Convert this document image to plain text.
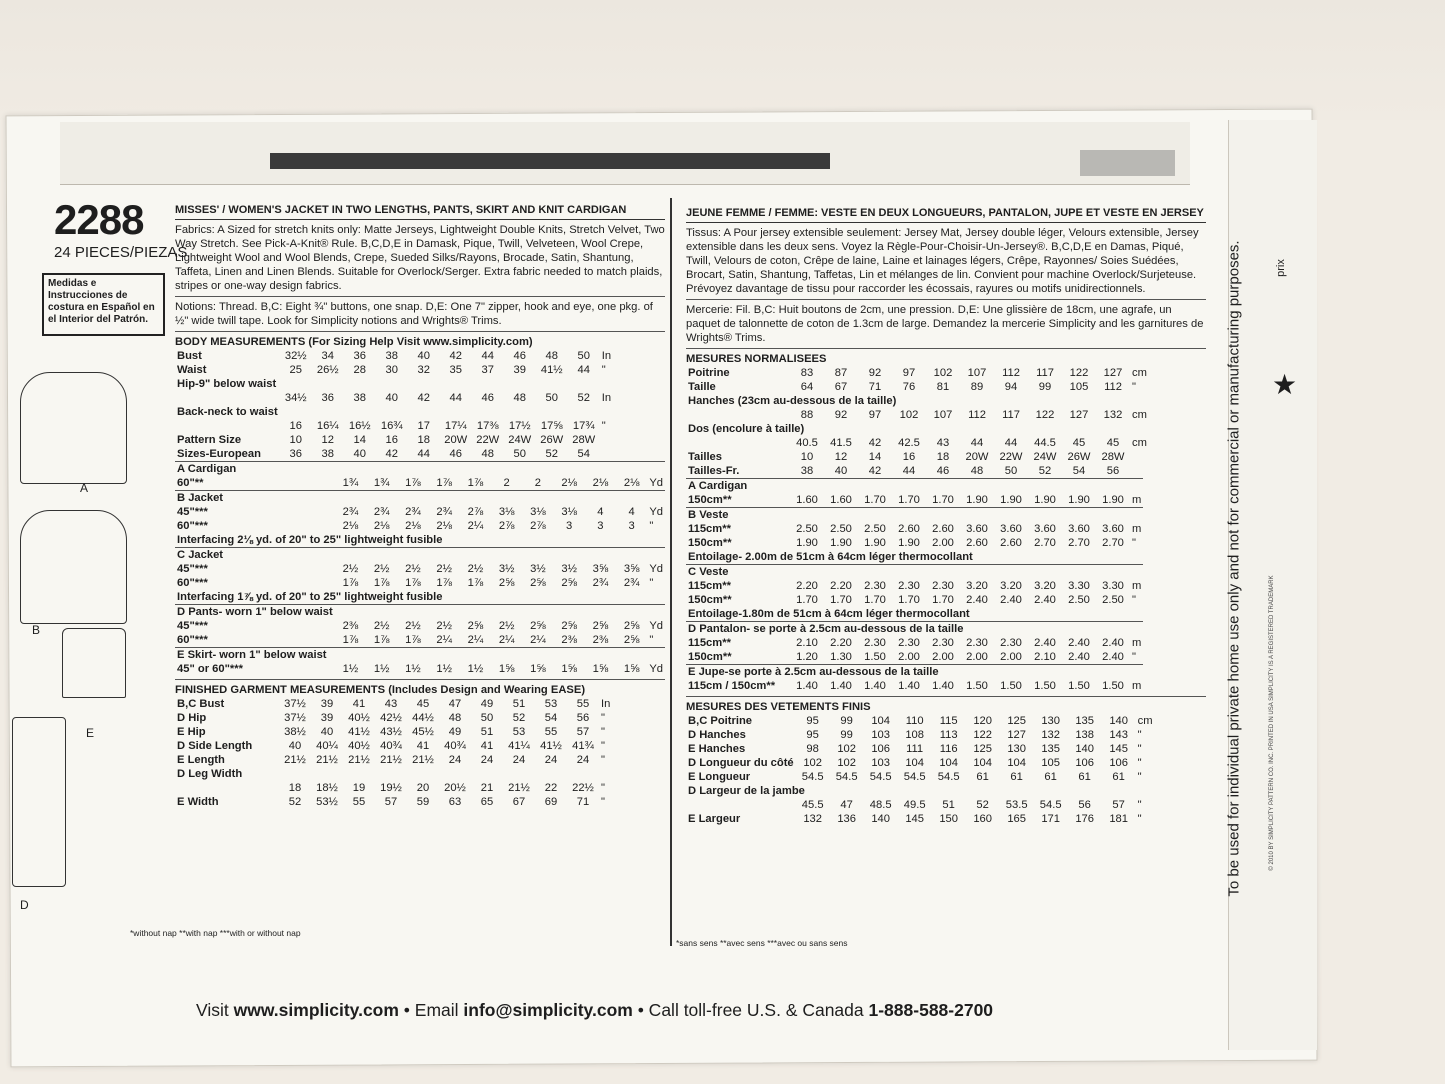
2288
24 PIECES/PIEZAS
Medidas e Instrucciones de costura en Español en el Interior del Patrón.
A
B
E
D
MISSES' / WOMEN'S JACKET IN TWO LENGTHS, PANTS, SKIRT AND KNIT CARDIGAN

Fabrics: A Sized for stretch knits only: Matte Jerseys, Lightweight Double Knits, Stretch Velvet, Two Way Stretch. See Pick-A-Knit® Rule. B,C,D,E in Damask, Pique, Twill, Velveteen, Wool Crepe, Lightweight Wool and Wool Blends, Crepe, Sueded Silks/Rayons, Brocade, Satin, Shantung, Taffeta, Linen and Linen Blends. Suitable for Overlock/Serger. Extra fabric needed to match plaids, stripes or one-way design fabrics.

Notions: Thread. B,C: Eight ¾" buttons, one snap. D,E: One 7" zipper, hook and eye, one pkg. of ½" wide twill tape. Look for Simplicity notions and Wrights® Trims.

BODY MEASUREMENTS (For Sizing Help Visit www.simplicity.com)
Bust	32½	34	36	38	40	42	44	46	48	50	In
Waist	25	26½	28	30	32	35	37	39	41½	44	"
Hip-9" below waist											
	34½	36	38	40	42	44	46	48	50	52	In
Back-neck to waist											
	16	16¼	16½	16¾	17	17¼	17⅜	17½	17⅝	17¾	"
Pattern Size	10	12	14	16	18	20W	22W	24W	26W	28W	
Sizes-European	36	38	40	42	44	46	48	50	52	54	
A Cardigan											
60"**	1¾	1¾	1⅞	1⅞	1⅞	2	2	2⅛	2⅛	2⅛	Yd
B Jacket											
45"***	2¾	2¾	2¾	2¾	2⅞	3⅛	3⅛	3⅛	4	4	Yd
60"***	2⅛	2⅛	2⅛	2⅛	2¼	2⅞	2⅞	3	3	3	"
Interfacing 2⅛ yd. of 20" to 25" lightweight fusible											
C Jacket											
45"***	2½	2½	2½	2½	2½	3½	3½	3½	3⅝	3⅝	Yd
60"***	1⅞	1⅞	1⅞	1⅞	1⅞	2⅝	2⅝	2⅝	2¾	2¾	"
Interfacing 1⅞ yd. of 20" to 25" lightweight fusible											
D Pants- worn 1" below waist											
45"***	2⅜	2½	2½	2½	2⅝	2½	2⅝	2⅝	2⅝	2⅝	Yd
60"***	1⅞	1⅞	1⅞	2¼	2¼	2¼	2¼	2⅜	2⅜	2⅝	"
E Skirt- worn 1" below waist											
45" or 60"***	1½	1½	1½	1½	1½	1⅝	1⅝	1⅝	1⅝	1⅝	Yd
FINISHED GARMENT MEASUREMENTS (Includes Design and Wearing EASE)
B,C Bust	37½	39	41	43	45	47	49	51	53	55	In
D Hip	37½	39	40½	42½	44½	48	50	52	54	56	"
E Hip	38½	40	41½	43½	45½	49	51	53	55	57	"
D Side Length	40	40¼	40½	40¾	41	40¾	41	41¼	41½	41¾	"
E Length	21½	21½	21½	21½	21½	24	24	24	24	24	"
D Leg Width											
	18	18½	19	19½	20	20½	21	21½	22	22½	"
E Width	52	53½	55	57	59	63	65	67	69	71	"
*without nap **with nap ***with or without nap
JEUNE FEMME / FEMME: VESTE EN DEUX LONGUEURS, PANTALON, JUPE ET VESTE EN JERSEY

Tissus: A Pour jersey extensible seulement: Jersey Mat, Jersey double léger, Velours extensible, Jersey extensible dans les deux sens. Voyez la Règle-Pour-Choisir-Un-Jersey®. B,C,D,E en Damas, Piqué, Twill, Velours de coton, Crêpe de laine, Laine et lainages légers, Crêpe, Rayonnes/ Soies Suédées, Brocart, Satin, Shantung, Taffetas, Lin et mélanges de lin. Convient pour machine Overlock/Surjeteuse. Prévoyez davantage de tissu pour raccorder les écossais, rayures ou motifs unidirectionnels.

Mercerie: Fil. B,C: Huit boutons de 2cm, une pression. D,E: Une glissière de 18cm, une agrafe, un paquet de talonnette de coton de 1.3cm de large. Demandez la mercerie Simplicity and les garnitures de Wrights® Trims.

MESURES NORMALISEES
Poitrine	83	87	92	97	102	107	112	117	122	127	cm
Taille	64	67	71	76	81	89	94	99	105	112	"
Hanches (23cm au-dessous de la taille)											
	88	92	97	102	107	112	117	122	127	132	cm
Dos (encolure à taille)											
	40.5	41.5	42	42.5	43	44	44	44.5	45	45	cm
Tailles	10	12	14	16	18	20W	22W	24W	26W	28W	
Tailles-Fr.	38	40	42	44	46	48	50	52	54	56	
A Cardigan											
150cm**	1.60	1.60	1.70	1.70	1.70	1.90	1.90	1.90	1.90	1.90	m
B Veste											
115cm**	2.50	2.50	2.50	2.60	2.60	3.60	3.60	3.60	3.60	3.60	m
150cm**	1.90	1.90	1.90	1.90	2.00	2.60	2.60	2.70	2.70	2.70	"
Entoilage- 2.00m de 51cm à 64cm léger thermocollant											
C Veste											
115cm**	2.20	2.20	2.30	2.30	2.30	3.20	3.20	3.20	3.30	3.30	m
150cm**	1.70	1.70	1.70	1.70	1.70	2.40	2.40	2.40	2.50	2.50	"
Entoilage-1.80m de 51cm à 64cm léger thermocollant											
D Pantalon- se porte à 2.5cm au-dessous de la taille											
115cm**	2.10	2.20	2.30	2.30	2.30	2.30	2.30	2.40	2.40	2.40	m
150cm**	1.20	1.30	1.50	2.00	2.00	2.00	2.00	2.10	2.40	2.40	"
E Jupe-se porte à 2.5cm au-dessous de la taille											
115cm / 150cm**	1.40	1.40	1.40	1.40	1.40	1.50	1.50	1.50	1.50	1.50	m
MESURES DES VETEMENTS FINIS
B,C Poitrine	95	99	104	110	115	120	125	130	135	140	cm
D Hanches	95	99	103	108	113	122	127	132	138	143	"
E Hanches	98	102	106	111	116	125	130	135	140	145	"
D Longueur du côté	102	102	103	104	104	104	104	105	106	106	"
E Longueur	54.5	54.5	54.5	54.5	54.5	61	61	61	61	61	"
D Largeur de la jambe											
	45.5	47	48.5	49.5	51	52	53.5	54.5	56	57	"
E Largeur	132	136	140	145	150	160	165	171	176	181	"
*sans sens **avec sens ***avec ou sans sens
Visit www.simplicity.com • Email info@simplicity.com • Call toll-free U.S. & Canada 1-888-588-2700
To be used for individual private home use only and not for commercial or manufacturing purposes.	© 2010 BY SIMPLICITY PATTERN CO. INC. PRINTED IN USA SIMPLICITY IS A REGISTERED TRADEMARK
prix
★
